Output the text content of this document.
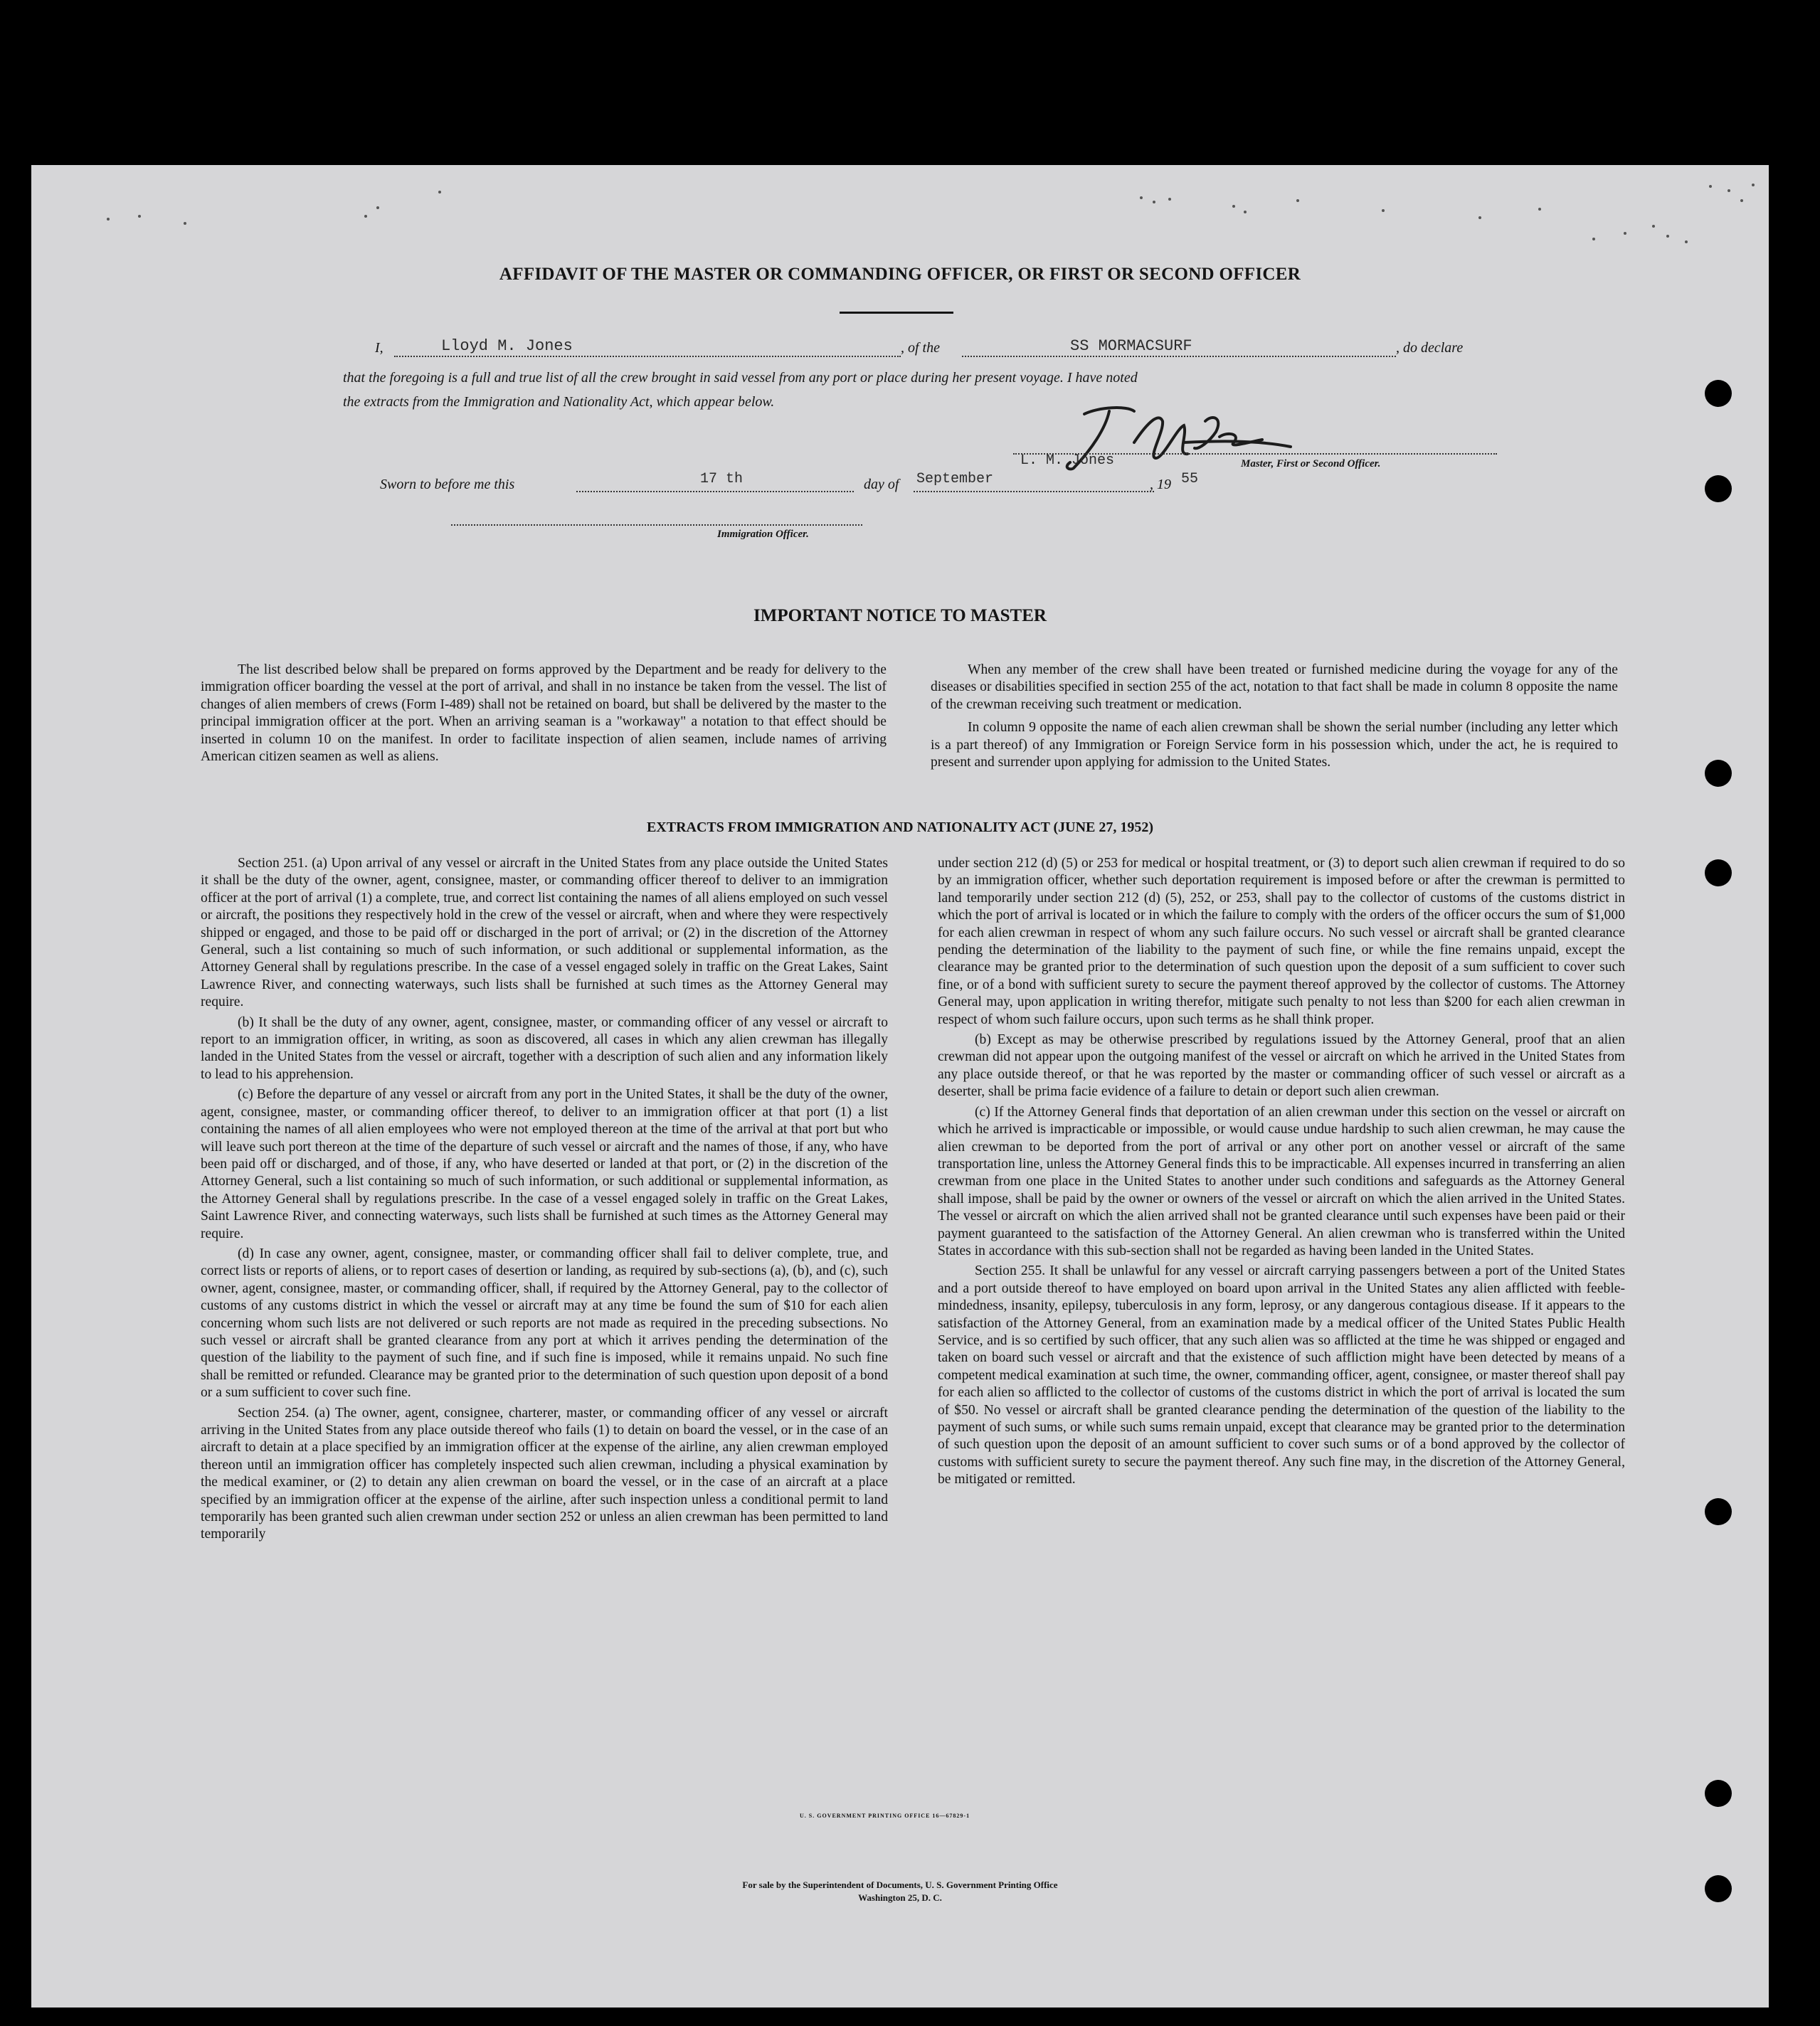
AFFIDAVIT OF THE MASTER OR COMMANDING OFFICER, OR FIRST OR SECOND OFFICER
I,	Lloyd M. Jones	, of the	SS MORMACSURF	, do declare
that the foregoing is a full and true list of all the crew brought in said vessel from any port or place during her present voyage. I have noted
the extracts from the Immigration and Nationality Act, which appear below.
L. M. Jones	Master, First or Second Officer.
Sworn to before me this	17 th	day of September	, 19 55
Immigration Officer.
IMPORTANT NOTICE TO MASTER

The list described below shall be prepared on forms approved by the Department and be ready for delivery to the immigration officer boarding the vessel at the port of arrival, and shall in no instance be taken from the vessel. The list of changes of alien members of crews (Form I-489) shall not be retained on board, but shall be delivered by the master to the principal immigration officer at the port. When an arriving seaman is a "workaway" a notation to that effect should be inserted in column 10 on the manifest. In order to facilitate inspection of alien seamen, include names of arriving American citizen seamen as well as aliens.

When any member of the crew shall have been treated or furnished medicine during the voyage for any of the diseases or disabilities specified in section 255 of the act, notation to that fact shall be made in column 8 opposite the name of the crewman receiving such treatment or medication.

In column 9 opposite the name of each alien crewman shall be shown the serial number (including any letter which is a part thereof) of any Immigration or Foreign Service form in his possession which, under the act, he is required to present and surrender upon applying for admission to the United States.

EXTRACTS FROM IMMIGRATION AND NATIONALITY ACT (JUNE 27, 1952)

Section 251. (a) Upon arrival of any vessel or aircraft in the United States from any place outside the United States it shall be the duty of the owner, agent, consignee, master, or commanding officer thereof to deliver to an immigration officer at the port of arrival (1) a complete, true, and correct list containing the names of all aliens employed on such vessel or aircraft, the positions they respectively hold in the crew of the vessel or aircraft, when and where they were respectively shipped or engaged, and those to be paid off or discharged in the port of arrival; or (2) in the discretion of the Attorney General, such a list containing so much of such information, or such additional or supplemental information, as the Attorney General shall by regulations prescribe. In the case of a vessel engaged solely in traffic on the Great Lakes, Saint Lawrence River, and connecting waterways, such lists shall be furnished at such times as the Attorney General may require.

(b) It shall be the duty of any owner, agent, consignee, master, or commanding officer of any vessel or aircraft to report to an immigration officer, in writing, as soon as discovered, all cases in which any alien crewman has illegally landed in the United States from the vessel or aircraft, together with a description of such alien and any information likely to lead to his apprehension.

(c) Before the departure of any vessel or aircraft from any port in the United States, it shall be the duty of the owner, agent, consignee, master, or commanding officer thereof, to deliver to an immigration officer at that port (1) a list containing the names of all alien employees who were not employed thereon at the time of the arrival at that port but who will leave such port thereon at the time of the departure of such vessel or aircraft and the names of those, if any, who have been paid off or discharged, and of those, if any, who have deserted or landed at that port, or (2) in the discretion of the Attorney General, such a list containing so much of such information, or such additional or supplemental information, as the Attorney General shall by regulations prescribe. In the case of a vessel engaged solely in traffic on the Great Lakes, Saint Lawrence River, and connecting waterways, such lists shall be furnished at such times as the Attorney General may require.

(d) In case any owner, agent, consignee, master, or commanding officer shall fail to deliver complete, true, and correct lists or reports of aliens, or to report cases of desertion or landing, as required by sub-sections (a), (b), and (c), such owner, agent, consignee, master, or commanding officer, shall, if required by the Attorney General, pay to the collector of customs of any customs district in which the vessel or aircraft may at any time be found the sum of $10 for each alien concerning whom such lists are not delivered or such reports are not made as required in the preceding subsections. No such vessel or aircraft shall be granted clearance from any port at which it arrives pending the determination of the question of the liability to the payment of such fine, and if such fine is imposed, while it remains unpaid. No such fine shall be remitted or refunded. Clearance may be granted prior to the determination of such question upon deposit of a bond or a sum sufficient to cover such fine.

Section 254. (a) The owner, agent, consignee, charterer, master, or commanding officer of any vessel or aircraft arriving in the United States from any place outside thereof who fails (1) to detain on board the vessel, or in the case of an aircraft to detain at a place specified by an immigration officer at the expense of the airline, any alien crewman employed thereon until an immigration officer has completely inspected such alien crewman, including a physical examination by the medical examiner, or (2) to detain any alien crewman on board the vessel, or in the case of an aircraft at a place specified by an immigration officer at the expense of the airline, after such inspection unless a conditional permit to land temporarily has been granted such alien crewman under section 252 or unless an alien crewman has been permitted to land temporarily

under section 212 (d) (5) or 253 for medical or hospital treatment, or (3) to deport such alien crewman if required to do so by an immigration officer, whether such deportation requirement is imposed before or after the crewman is permitted to land temporarily under section 212 (d) (5), 252, or 253, shall pay to the collector of customs of the customs district in which the port of arrival is located or in which the failure to comply with the orders of the officer occurs the sum of $1,000 for each alien crewman in respect of whom any such failure occurs. No such vessel or aircraft shall be granted clearance pending the determination of the liability to the payment of such fine, or while the fine remains unpaid, except the clearance may be granted prior to the determination of such question upon the deposit of a sum sufficient to cover such fine, or of a bond with sufficient surety to secure the payment thereof approved by the collector of customs. The Attorney General may, upon application in writing therefor, mitigate such penalty to not less than $200 for each alien crewman in respect of whom such failure occurs, upon such terms as he shall think proper.

(b) Except as may be otherwise prescribed by regulations issued by the Attorney General, proof that an alien crewman did not appear upon the outgoing manifest of the vessel or aircraft on which he arrived in the United States from any place outside thereof, or that he was reported by the master or commanding officer of such vessel or aircraft as a deserter, shall be prima facie evidence of a failure to detain or deport such alien crewman.

(c) If the Attorney General finds that deportation of an alien crewman under this section on the vessel or aircraft on which he arrived is impracticable or impossible, or would cause undue hardship to such alien crewman, he may cause the alien crewman to be deported from the port of arrival or any other port on another vessel or aircraft of the same transportation line, unless the Attorney General finds this to be impracticable. All expenses incurred in transferring an alien crewman from one place in the United States to another under such conditions and safeguards as the Attorney General shall impose, shall be paid by the owner or owners of the vessel or aircraft on which the alien arrived in the United States. The vessel or aircraft on which the alien arrived shall not be granted clearance until such expenses have been paid or their payment guaranteed to the satisfaction of the Attorney General. An alien crewman who is transferred within the United States in accordance with this sub-section shall not be regarded as having been landed in the United States.

Section 255. It shall be unlawful for any vessel or aircraft carrying passengers between a port of the United States and a port outside thereof to have employed on board upon arrival in the United States any alien afflicted with feeble-mindedness, insanity, epilepsy, tuberculosis in any form, leprosy, or any dangerous contagious disease. If it appears to the satisfaction of the Attorney General, from an examination made by a medical officer of the United States Public Health Service, and is so certified by such officer, that any such alien was so afflicted at the time he was shipped or engaged and taken on board such vessel or aircraft and that the existence of such affliction might have been detected by means of a competent medical examination at such time, the owner, commanding officer, agent, consignee, or master thereof shall pay for each alien so afflicted to the collector of customs of the customs district in which the port of arrival is located the sum of $50. No vessel or aircraft shall be granted clearance pending the determination of the question of the liability to the payment of such sums, or while such sums remain unpaid, except that clearance may be granted prior to the determination of such question upon the deposit of an amount sufficient to cover such sums or of a bond approved by the collector of customs with sufficient surety to secure the payment thereof. Any such fine may, in the discretion of the Attorney General, be mitigated or remitted.

U. S. GOVERNMENT PRINTING OFFICE 16—67829-1
For sale by the Superintendent of Documents, U. S. Government Printing Office
Washington 25, D. C.
